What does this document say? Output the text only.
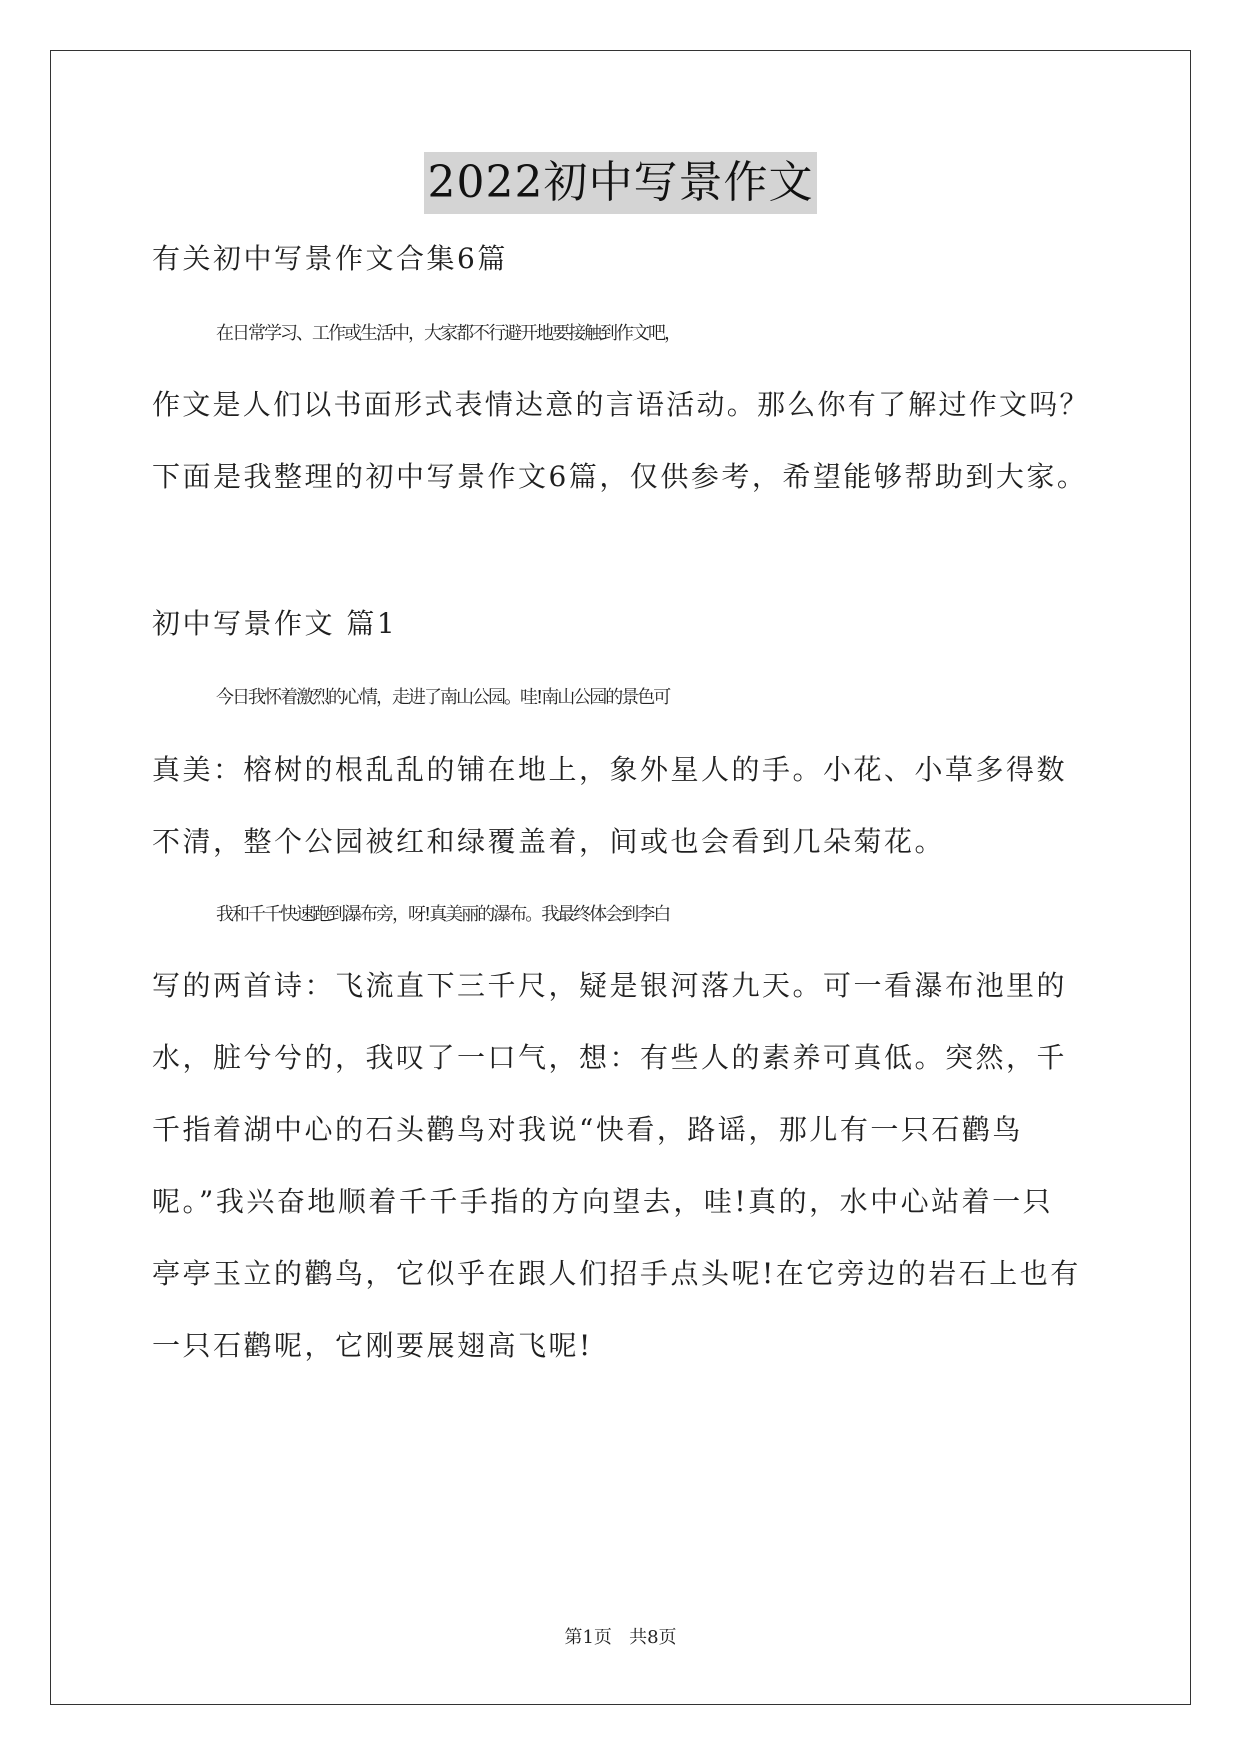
2022初中写景作文
有关初中写景作文合集6篇
在日常学习、工作或生活中，大家都不行避开地要接触到作文吧，
作文是人们以书面形式表情达意的言语活动。那么你有了解过作文吗？
下面是我整理的初中写景作文6篇，仅供参考，希望能够帮助到大家。
初中写景作文 篇1
今日我怀着激烈的心情，走进了南山公园。哇!南山公园的景色可
真美：榕树的根乱乱的铺在地上，象外星人的手。小花、小草多得数
不清，整个公园被红和绿覆盖着，间或也会看到几朵菊花。
我和千千快速跑到瀑布旁，呀!真美丽的瀑布。我最终体会到李白
写的两首诗：飞流直下三千尺，疑是银河落九天。可一看瀑布池里的
水，脏兮兮的，我叹了一口气，想：有些人的素养可真低。突然，千
千指着湖中心的石头鹳鸟对我说“快看，路谣，那儿有一只石鹳鸟
呢。”我兴奋地顺着千千手指的方向望去，哇!真的，水中心站着一只
亭亭玉立的鹳鸟，它似乎在跟人们招手点头呢!在它旁边的岩石上也有
一只石鹳呢，它刚要展翅高飞呢!
第1页   共8页
